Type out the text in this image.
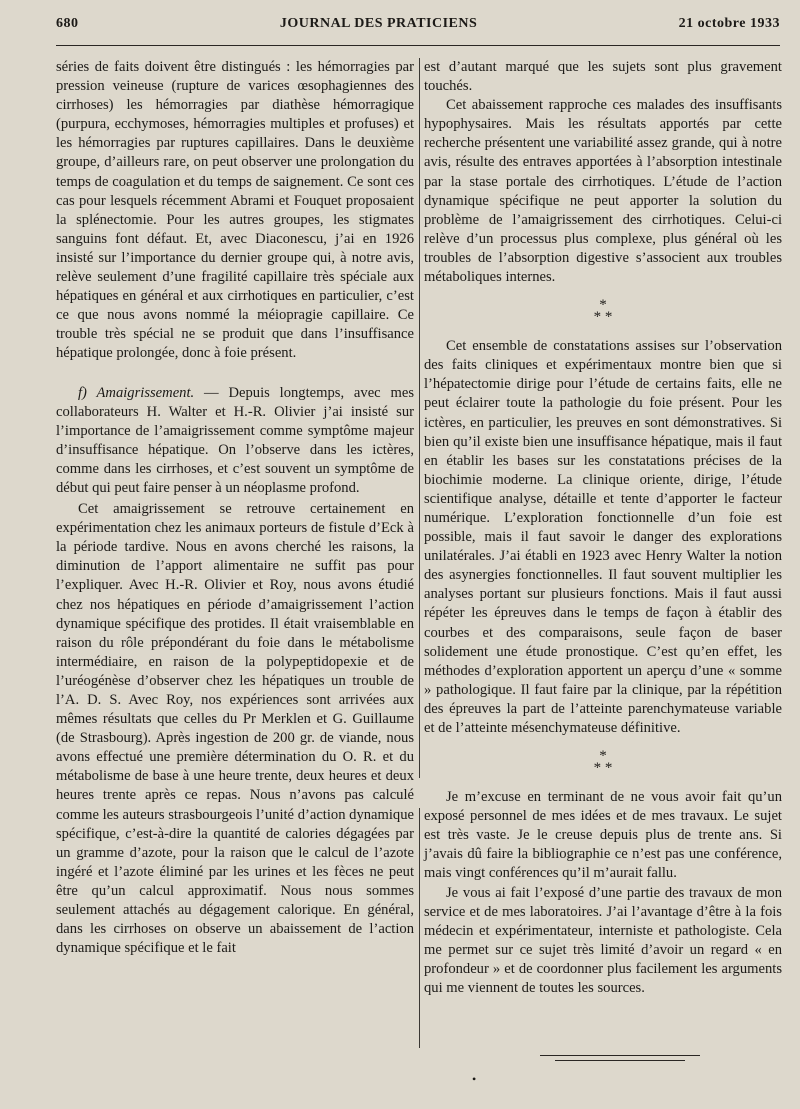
680	JOURNAL DES PRATICIENS	21 octobre 1933

séries de faits doivent être distingués : les hémorragies par pression veineuse (rupture de varices œsophagiennes des cirrhoses) les hémorragies par diathèse hémorragique (purpura, ecchymoses, hémorragies multiples et profuses) et les hémorragies par ruptures capillaires. Dans le deuxième groupe, d’ailleurs rare, on peut observer une prolongation du temps de coagulation et du temps de saignement. Ce sont ces cas pour lesquels récemment Abrami et Fouquet proposaient la splénectomie. Pour les autres groupes, les stigmates sanguins font défaut. Et, avec Diaconescu, j’ai en 1926 insisté sur l’importance du dernier groupe qui, à notre avis, relève seulement d’une fragilité capillaire très spéciale aux hépatiques en général et aux cirrhotiques en particulier, c’est ce que nous avons nommé la méiopragie capillaire. Ce trouble très spécial ne se produit que dans l’insuffisance hépatique prolongée, donc à foie présent.

f) Amaigrissement. — Depuis longtemps, avec mes collaborateurs H. Walter et H.-R. Olivier j’ai insisté sur l’importance de l’amaigrissement comme symptôme majeur d’insuffisance hépatique. On l’observe dans les ictères, comme dans les cirrhoses, et c’est souvent un symptôme de début qui peut faire penser à un néoplasme profond.

Cet amaigrissement se retrouve certainement en expérimentation chez les animaux porteurs de fistule d’Eck à la période tardive. Nous en avons cherché les raisons, la diminution de l’apport alimentaire ne suffit pas pour l’expliquer. Avec H.-R. Olivier et Roy, nous avons étudié chez nos hépatiques en période d’amaigrissement l’action dynamique spécifique des protides. Il était vraisemblable en raison du rôle prépondérant du foie dans le métabolisme intermédiaire, en raison de la polypeptidopexie et de l’uréogénèse d’observer chez les hépatiques un trouble de l’A. D. S. Avec Roy, nos expériences sont arrivées aux mêmes résultats que celles du Pr Merklen et G. Guillaume (de Strasbourg). Après ingestion de 200 gr. de viande, nous avons effectué une première détermination du O. R. et du métabolisme de base à une heure trente, deux heures et deux heures trente après ce repas. Nous n’avons pas calculé comme les auteurs strasbourgeois l’unité d’action dynamique spécifique, c’est-à-dire la quantité de calories dégagées par un gramme d’azote, pour la raison que le calcul de l’azote ingéré et l’azote éliminé par les urines et les fèces ne peut être qu’un calcul approximatif. Nous nous sommes seulement attachés au dégagement calorique. En général, dans les cirrhoses on observe un abaissement de l’action dynamique spécifique et le fait

est d’autant marqué que les sujets sont plus gravement touchés.

Cet abaissement rapproche ces malades des insuffisants hypophysaires. Mais les résultats apportés par cette recherche présentent une variabilité assez grande, qui à notre avis, résulte des entraves apportées à l’absorption intestinale par la stase portale des cirrhotiques. L’étude de l’action dynamique spécifique ne peut apporter la solution du problème de l’amaigrissement des cirrhotiques. Celui-ci relève d’un processus plus complexe, plus général où les troubles de l’absorption digestive s’associent aux troubles métaboliques internes.

*
* *

Cet ensemble de constatations assises sur l’observation des faits cliniques et expérimentaux montre bien que si l’hépatectomie dirige pour l’étude de certains faits, elle ne peut éclairer toute la pathologie du foie présent. Pour les ictères, en particulier, les preuves en sont démonstratives. Si bien qu’il existe bien une insuffisance hépatique, mais il faut en établir les bases sur les constatations précises de la biochimie moderne. La clinique oriente, dirige, l’étude scientifique analyse, détaille et tente d’apporter le facteur numérique. L’exploration fonctionnelle d’un foie est possible, mais il faut savoir le danger des explorations unilatérales. J’ai établi en 1923 avec Henry Walter la notion des asynergies fonctionnelles. Il faut souvent multiplier les analyses portant sur plusieurs fonctions. Mais il faut aussi répéter les épreuves dans le temps de façon à établir des courbes et des comparaisons, seule façon de baser solidement une étude pronostique. C’est qu’en effet, les méthodes d’exploration apportent un aperçu d’une « somme » pathologique. Il faut faire par la clinique, par la répétition des épreuves la part de l’atteinte parenchymateuse variable et de l’atteinte mésenchymateuse définitive.

*
* *

Je m’excuse en terminant de ne vous avoir fait qu’un exposé personnel de mes idées et de mes travaux. Le sujet est très vaste. Je le creuse depuis plus de trente ans. Si j’avais dû faire la bibliographie ce n’est pas une conférence, mais vingt conférences qu’il m’aurait fallu.

Je vous ai fait l’exposé d’une partie des travaux de mon service et de mes laboratoires. J’ai l’avantage d’être à la fois médecin et expérimentateur, interniste et pathologiste. Cela me permet sur ce sujet très limité d’avoir un regard « en profondeur » et de coordonner plus facilement les arguments qui me viennent de toutes les sources.

•
